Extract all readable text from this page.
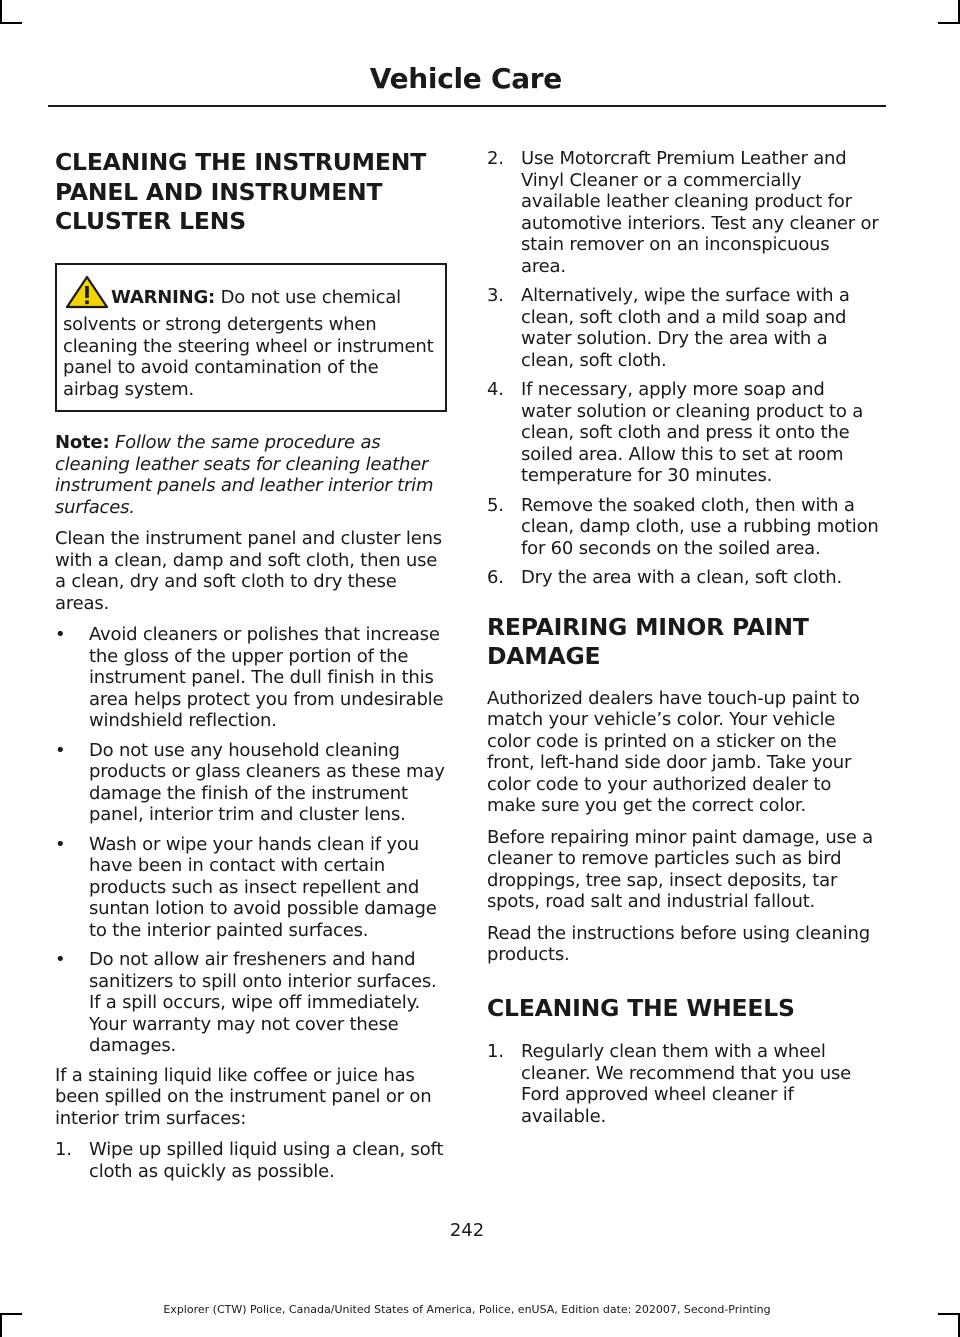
Vehicle Care
CLEANING THE INSTRUMENT
PANEL AND INSTRUMENT
CLUSTER LENS
WARNING: Do not use chemical solvents or strong detergents when cleaning the steering wheel or instrument panel to avoid contamination of the airbag system.

Note: Follow the same procedure as cleaning leather seats for cleaning leather instrument panels and leather interior trim surfaces.

Clean the instrument panel and cluster lens with a clean, damp and soft cloth, then use a clean, dry and soft cloth to dry these areas.

• Avoid cleaners or polishes that increase the gloss of the upper portion of the instrument panel. The dull finish in this area helps protect you from undesirable windshield reflection.
• Do not use any household cleaning products or glass cleaners as these may damage the finish of the instrument panel, interior trim and cluster lens.
• Wash or wipe your hands clean if you have been in contact with certain products such as insect repellent and suntan lotion to avoid possible damage to the interior painted surfaces.
• Do not allow air fresheners and hand sanitizers to spill onto interior surfaces. If a spill occurs, wipe off immediately. Your warranty may not cover these damages.

If a staining liquid like coffee or juice has been spilled on the instrument panel or on interior trim surfaces:

1. Wipe up spilled liquid using a clean, soft cloth as quickly as possible.
2. Use Motorcraft Premium Leather and Vinyl Cleaner or a commercially available leather cleaning product for automotive interiors. Test any cleaner or stain remover on an inconspicuous area.
3. Alternatively, wipe the surface with a clean, soft cloth and a mild soap and water solution. Dry the area with a clean, soft cloth.
4. If necessary, apply more soap and water solution or cleaning product to a clean, soft cloth and press it onto the soiled area. Allow this to set at room temperature for 30 minutes.
5. Remove the soaked cloth, then with a clean, damp cloth, use a rubbing motion for 60 seconds on the soiled area.
6. Dry the area with a clean, soft cloth.
REPAIRING MINOR PAINT
DAMAGE

Authorized dealers have touch-up paint to match your vehicle’s color. Your vehicle color code is printed on a sticker on the front, left-hand side door jamb. Take your color code to your authorized dealer to make sure you get the correct color.

Before repairing minor paint damage, use a cleaner to remove particles such as bird droppings, tree sap, insect deposits, tar spots, road salt and industrial fallout.

Read the instructions before using cleaning products.

CLEANING THE WHEELS
1. Regularly clean them with a wheel cleaner. We recommend that you use Ford approved wheel cleaner if available.
242
Explorer (CTW) Police, Canada/United States of America, Police, enUSA, Edition date: 202007, Second-Printing
